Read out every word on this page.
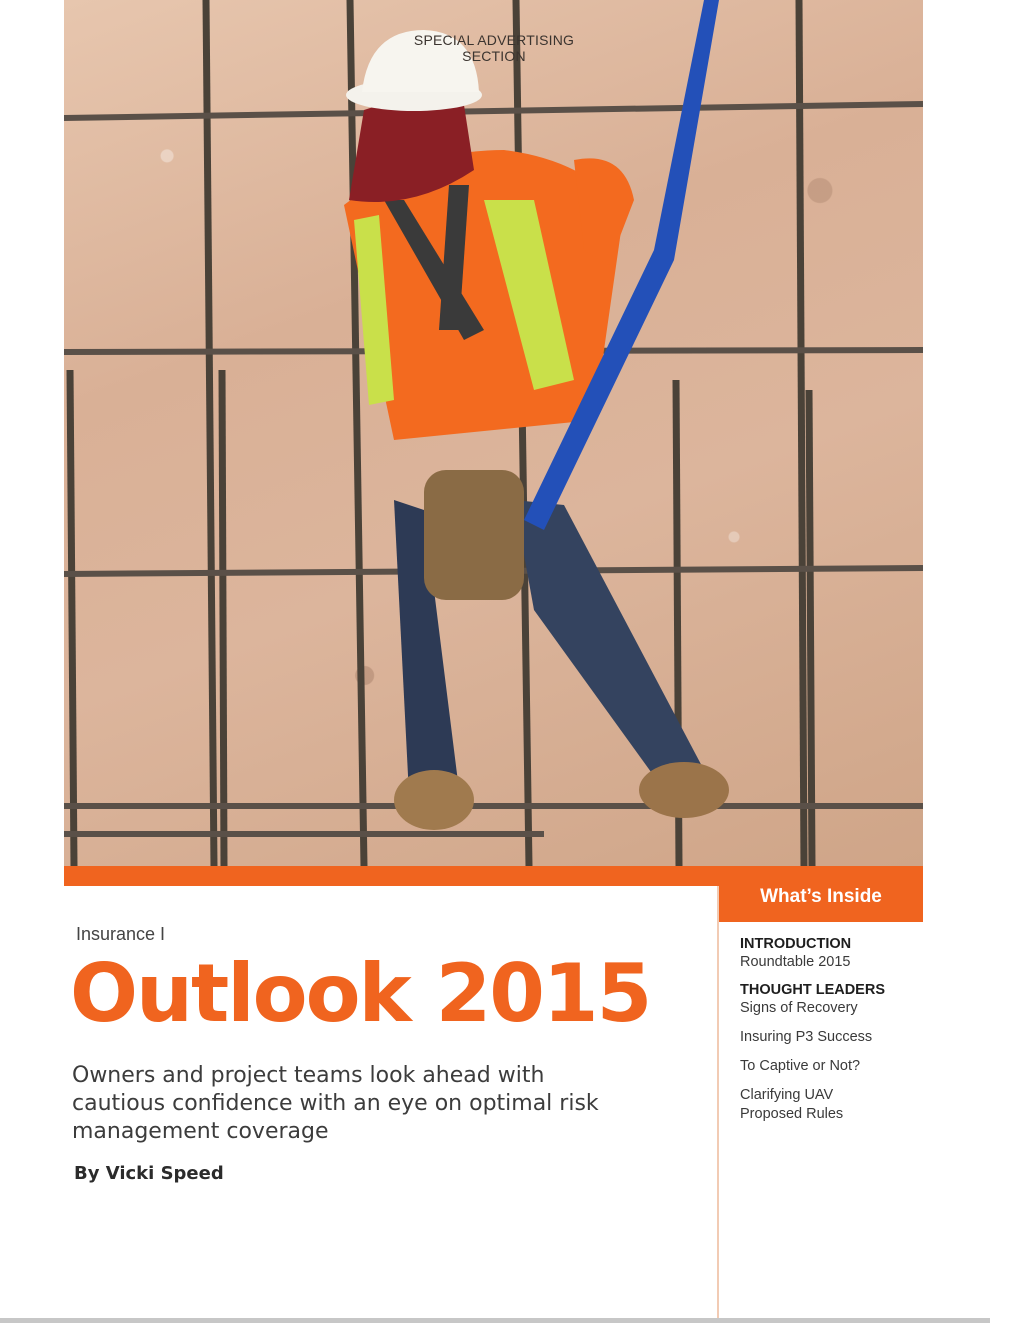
SPECIAL ADVERTISING SECTION
What’s Inside
Insurance I
Outlook 2015
Owners and project teams look ahead with cautious confidence with an eye on optimal risk management coverage
By Vicki Speed
INTRODUCTION
Roundtable 2015
THOUGHT LEADERS
Signs of Recovery
Insuring P3 Success
To Captive or Not?
Clarifying UAV Proposed Rules
